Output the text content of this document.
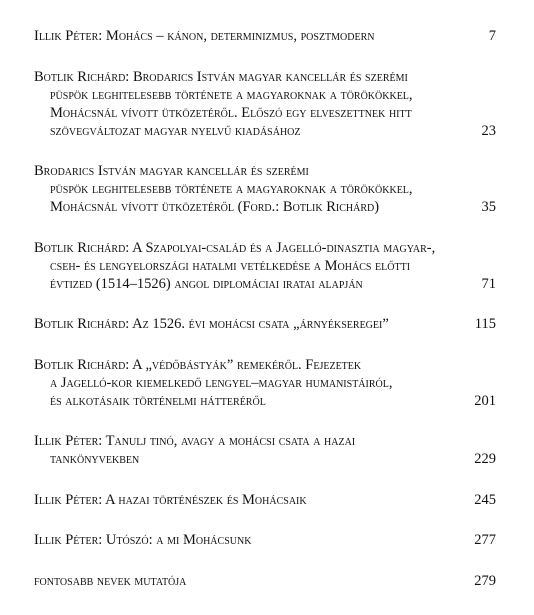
Illik Péter: Mohács – kánon, determinizmus, posztmodern	7
Botlik Richárd: Brodarics István magyar kancellár és szerémi
püspök leghitelesebb története a magyaroknak a törökökkel,
Mohácsnál vívott ütközetéről. Előszó egy elveszettnek hitt
szövegváltozat magyar nyelvű kiadásához	23
Brodarics István magyar kancellár és szerémi
püspök leghitelesebb története a magyaroknak a törökökkel,
Mohácsnál vívott ütközetéről (Ford.: Botlik Richárd)	35
Botlik Richárd: A Szapolyai-család és a Jagelló-dinasztia magyar-,
cseh- és lengyelországi hatalmi vetélkedése a Mohács előtti
évtized (1514–1526) angol diplomáciai iratai alapján	71
Botlik Richárd: Az 1526. évi mohácsi csata „árnyékseregei”	115
Botlik Richárd: A „védőbástyák” remekéről. Fejezetek
a Jagelló-kor kiemelkedő lengyel–magyar humanistáiról,
és alkotásaik történelmi hátteréről	201
Illik Péter: Tanulj tinó, avagy a mohácsi csata a hazai
tankönyvekben	229
Illik Péter: A hazai történészek és Mohácsaik	245
Illik Péter: Utószó: a mi Mohácsunk	277
fontosabb nevek mutatója	279
